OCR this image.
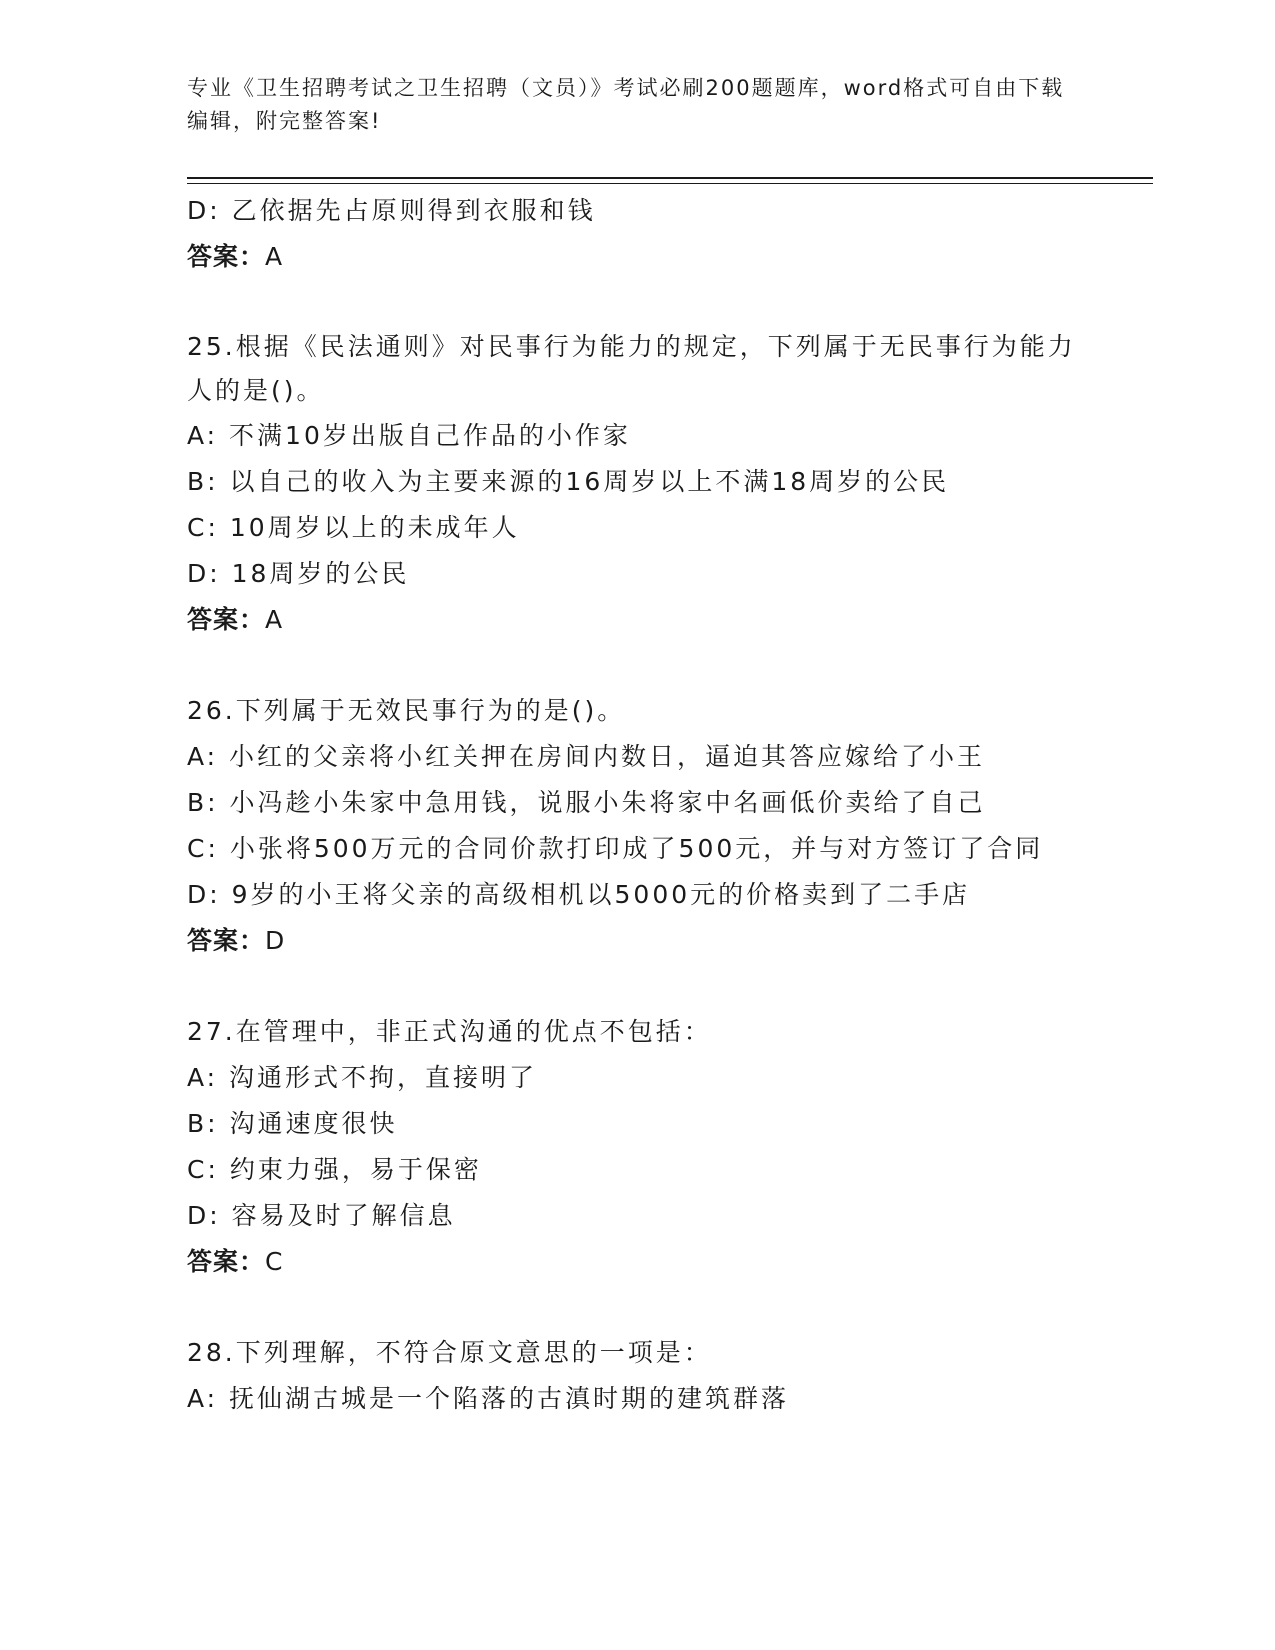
专业《卫生招聘考试之卫生招聘（文员）》考试必刷200题题库，word格式可自由下载编辑，附完整答案!
D: 乙依据先占原则得到衣服和钱
答案：A
25.根据《民法通则》对民事行为能力的规定，下列属于无民事行为能力人的是()。
A: 不满10岁出版自己作品的小作家
B: 以自己的收入为主要来源的16周岁以上不满18周岁的公民
C: 10周岁以上的未成年人
D: 18周岁的公民
答案：A
26.下列属于无效民事行为的是()。
A: 小红的父亲将小红关押在房间内数日，逼迫其答应嫁给了小王
B: 小冯趁小朱家中急用钱，说服小朱将家中名画低价卖给了自己
C: 小张将500万元的合同价款打印成了500元，并与对方签订了合同
D: 9岁的小王将父亲的高级相机以5000元的价格卖到了二手店
答案：D
27.在管理中，非正式沟通的优点不包括：
A: 沟通形式不拘，直接明了
B: 沟通速度很快
C: 约束力强，易于保密
D: 容易及时了解信息
答案：C
28.下列理解，不符合原文意思的一项是：
A: 抚仙湖古城是一个陷落的古滇时期的建筑群落
